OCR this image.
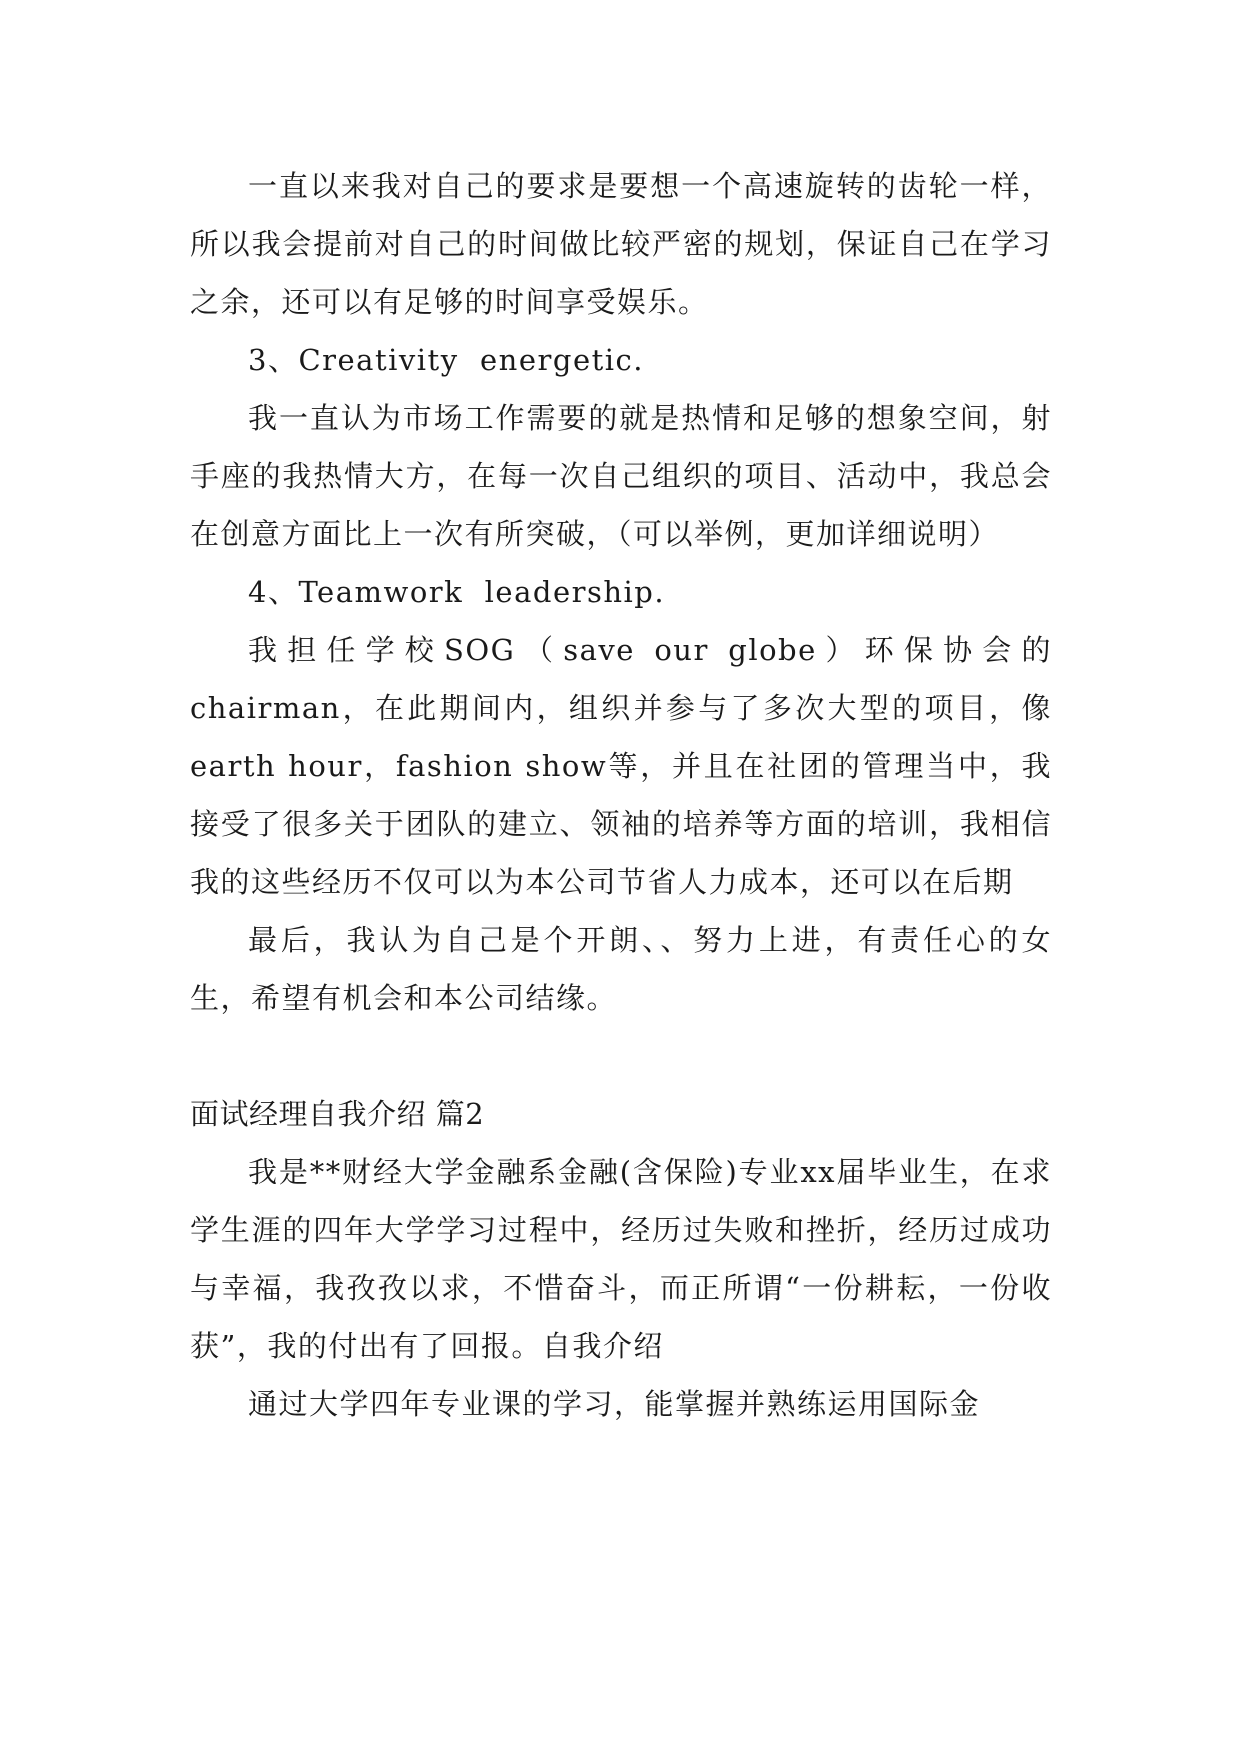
一直以来我对自己的要求是要想一个高速旋转的齿轮一样，所以我会提前对自己的时间做比较严密的规划，保证自己在学习之余，还可以有足够的时间享受娱乐。

3、Creativity  energetic.

我一直认为市场工作需要的就是热情和足够的想象空间，射手座的我热情大方，在每一次自己组织的项目、活动中，我总会在创意方面比上一次有所突破，（可以举例，更加详细说明）

4、Teamwork  leadership.

我担任学校SOG（save our globe）环保协会的chairman，在此期间内，组织并参与了多次大型的项目，像earth hour，fashion show等，并且在社团的管理当中，我接受了很多关于团队的建立、领袖的培养等方面的培训，我相信我的这些经历不仅可以为本公司节省人力成本，还可以在后期

最后，我认为自己是个开朗、、努力上进，有责任心的女生，希望有机会和本公司结缘。

面试经理自我介绍 篇2

我是**财经大学金融系金融(含保险)专业xx届毕业生，在求学生涯的四年大学学习过程中，经历过失败和挫折，经历过成功与幸福，我孜孜以求，不惜奋斗，而正所谓“一份耕耘，一份收获”，我的付出有了回报。自我介绍

通过大学四年专业课的学习，能掌握并熟练运用国际金
